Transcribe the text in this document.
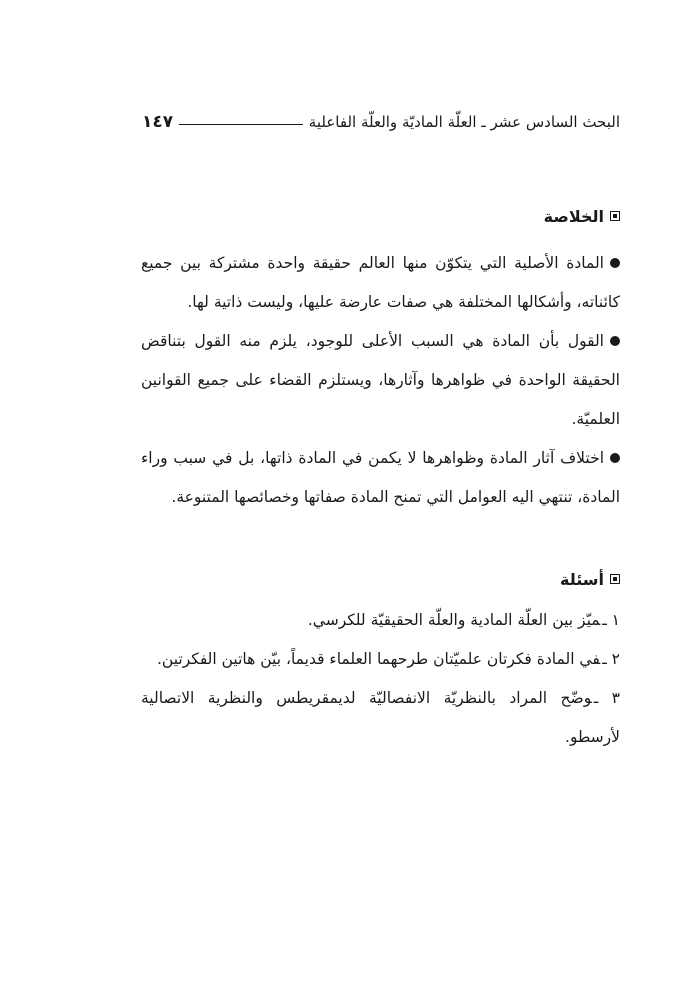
البحث السادس عشر ـ العلّة الماديّة والعلّة الفاعلية
١٤٧
الخلاصة

المادة الأصلية التي يتكوّن منها العالم حقيقة واحدة مشتركة بين جميع كائناته، وأشكالها المختلفة هي صفات عارضة عليها، وليست ذاتية لها.

القول بأن المادة هي السبب الأعلى للوجود، يلزم منه القول بتناقض الحقيقة الواحدة في ظواهرها وآثارها، ويستلزم القضاء على جميع القوانين العلميّة.

اختلاف آثار المادة وظواهرها لا يكمن في المادة ذاتها، بل في سبب وراء المادة، تنتهي اليه العوامل التي تمنح المادة صفاتها وخصائصها المتنوعة.

أسئلة

١ ـميّز بين العلّة المادية والعلّة الحقيقيّة للكرسي.

٢ ـفي المادة فكرتان علميّتان طرحهما العلماء قديماً، بيّن هاتين الفكرتين.

٣ ـوضّح المراد بالنظريّة الانفصاليّة لديمقريطس والنظرية الاتصالية لأرسطو.
